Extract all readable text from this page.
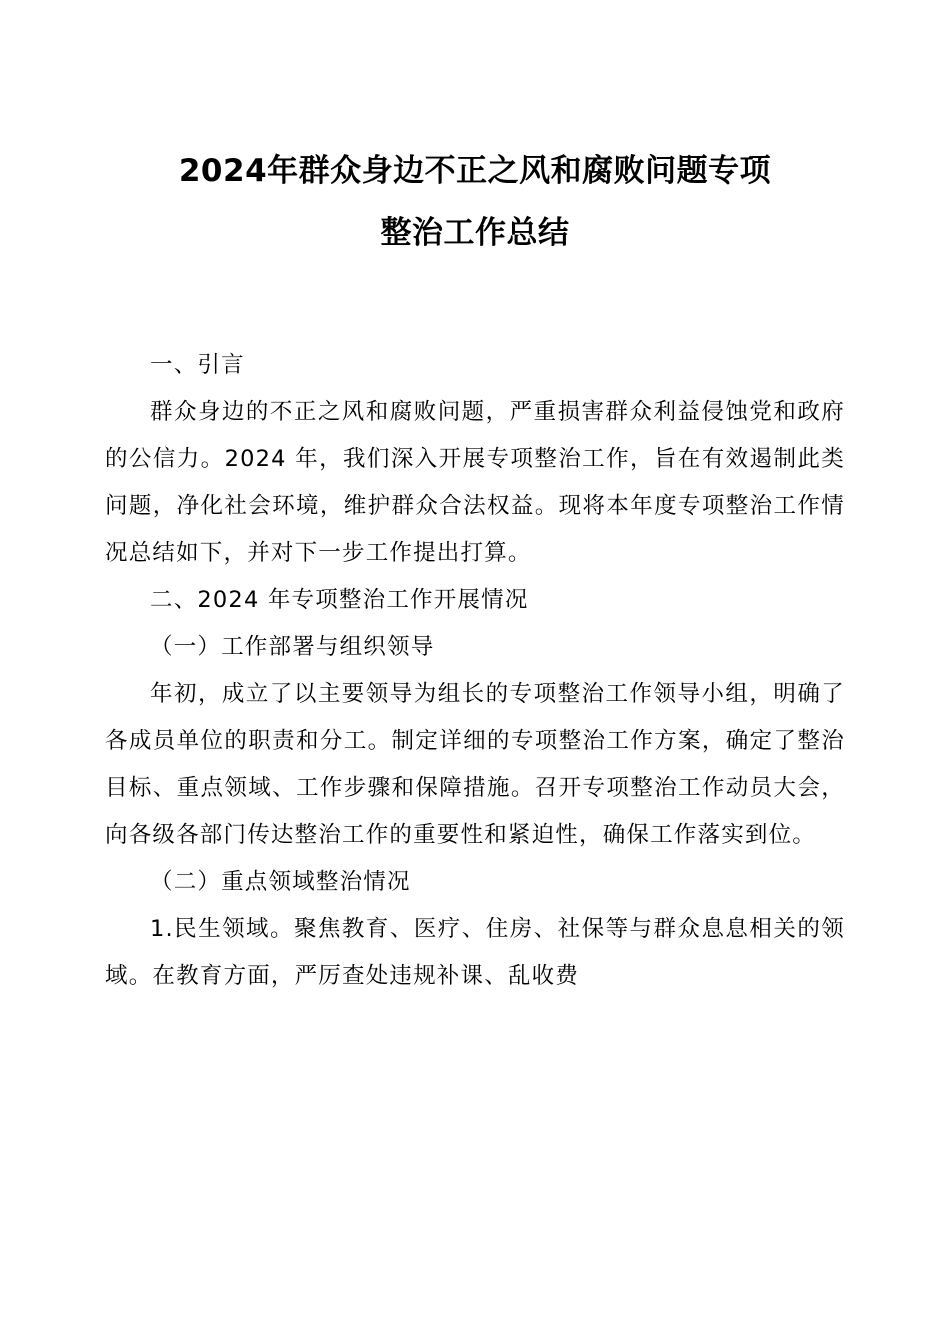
2024年群众身边不正之风和腐败问题专项
整治工作总结

一、引言

群众身边的不正之风和腐败问题，严重损害群众利益侵蚀党和政府的公信力。2024 年，我们深入开展专项整治工作，旨在有效遏制此类问题，净化社会环境，维护群众合法权益。现将本年度专项整治工作情况总结如下，并对下一步工作提出打算。

二、2024 年专项整治工作开展情况

（一）工作部署与组织领导

年初，成立了以主要领导为组长的专项整治工作领导小组，明确了各成员单位的职责和分工。制定详细的专项整治工作方案，确定了整治目标、重点领域、工作步骤和保障措施。召开专项整治工作动员大会，向各级各部门传达整治工作的重要性和紧迫性，确保工作落实到位。

（二）重点领域整治情况

1.民生领域。聚焦教育、医疗、住房、社保等与群众息息相关的领域。在教育方面，严厉查处违规补课、乱收费
